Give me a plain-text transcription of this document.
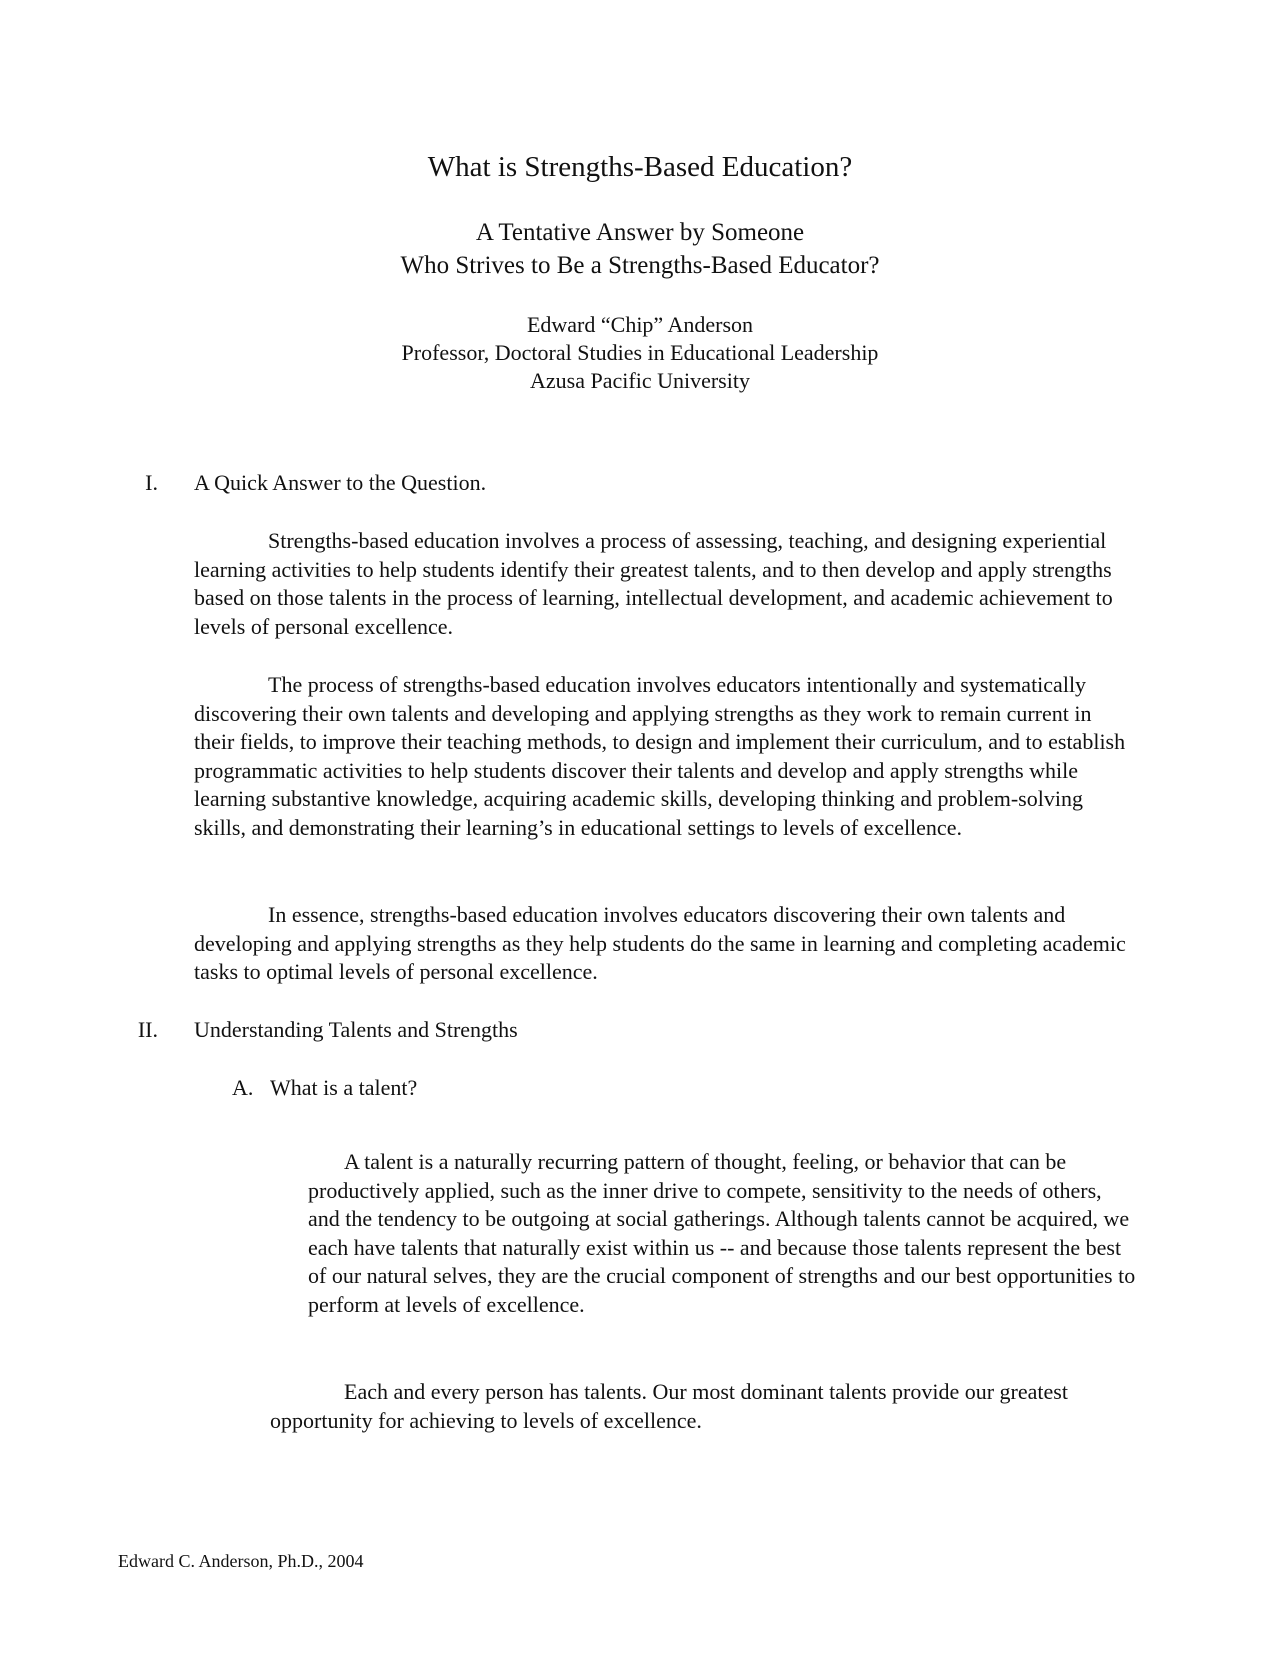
What is Strengths-Based Education?
A Tentative Answer by Someone
Who Strives to Be a Strengths-Based Educator?
Edward “Chip” Anderson
Professor, Doctoral Studies in Educational Leadership
Azusa Pacific University
I. A Quick Answer to the Question.

Strengths-based education involves a process of assessing, teaching, and designing experiential learning activities to help students identify their greatest talents, and to then develop and apply strengths based on those talents in the process of learning, intellectual development, and academic achievement to levels of personal excellence.

The process of strengths-based education involves educators intentionally and systematically discovering their own talents and developing and applying strengths as they work to remain current in their fields, to improve their teaching methods, to design and implement their curriculum, and to establish programmatic activities to help students discover their talents and develop and apply strengths while learning substantive knowledge, acquiring academic skills, developing thinking and problem-solving skills, and demonstrating their learning’s in educational settings to levels of excellence.

In essence, strengths-based education involves educators discovering their own talents and developing and applying strengths as they help students do the same in learning and completing academic tasks to optimal levels of personal excellence.

II. Understanding Talents and Strengths
A. What is a talent?

A talent is a naturally recurring pattern of thought, feeling, or behavior that can be productively applied, such as the inner drive to compete, sensitivity to the needs of others, and the tendency to be outgoing at social gatherings. Although talents cannot be acquired, we each have talents that naturally exist within us -- and because those talents represent the best of our natural selves, they are the crucial component of strengths and our best opportunities to perform at levels of excellence.

Each and every person has talents. Our most dominant talents provide our greatest opportunity for achieving to levels of excellence.

Edward C. Anderson, Ph.D., 2004
